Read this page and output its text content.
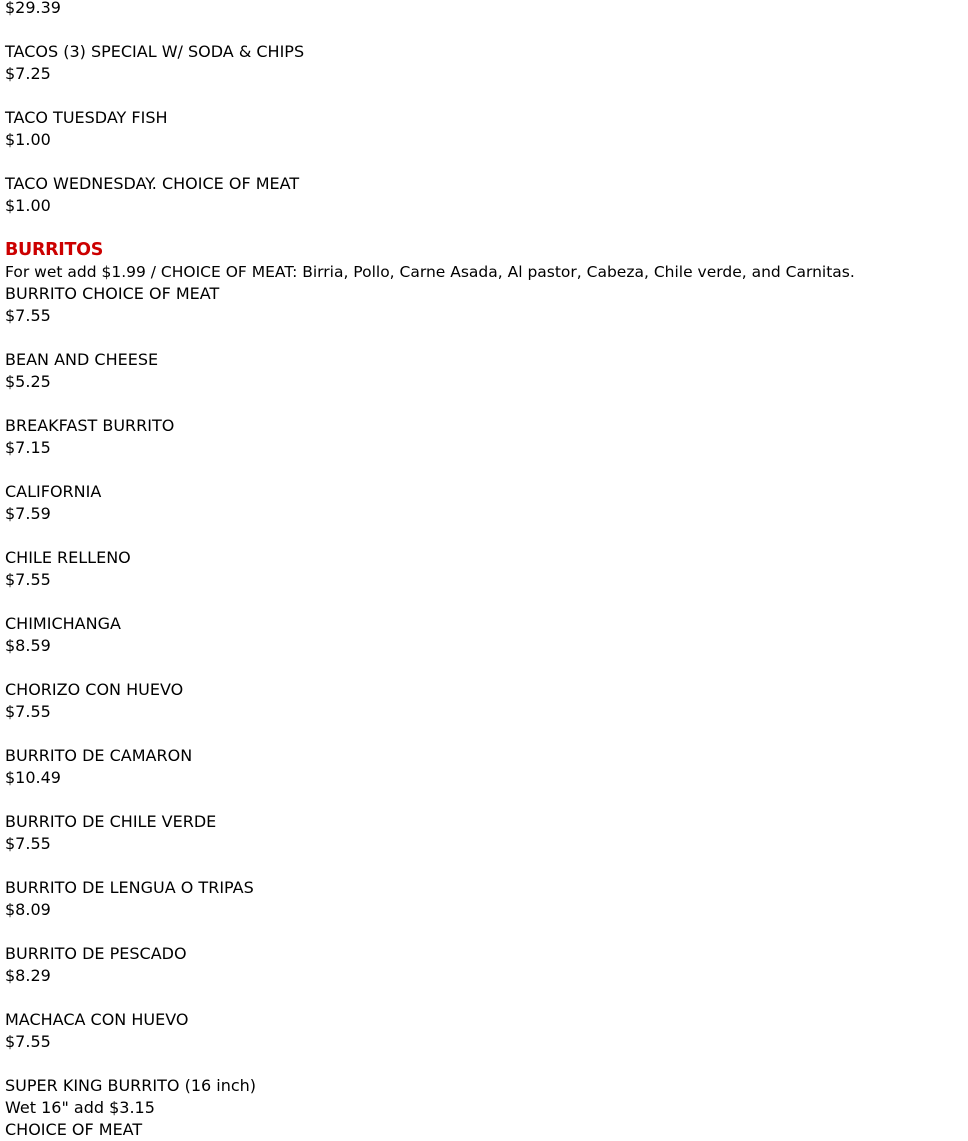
$29.39
TACOS (3) SPECIAL W/ SODA & CHIPS
$7.25
TACO TUESDAY FISH
$1.00
TACO WEDNESDAY. CHOICE OF MEAT
$1.00
BURRITOS
For wet add $1.99 / CHOICE OF MEAT: Birria, Pollo, Carne Asada, Al pastor, Cabeza, Chile verde, and Carnitas.
BURRITO CHOICE OF MEAT
$7.55
BEAN AND CHEESE
$5.25
BREAKFAST BURRITO
$7.15
CALIFORNIA
$7.59
CHILE RELLENO
$7.55
CHIMICHANGA
$8.59
CHORIZO CON HUEVO
$7.55
BURRITO DE CAMARON
$10.49
BURRITO DE CHILE VERDE
$7.55
BURRITO DE LENGUA O TRIPAS
$8.09
BURRITO DE PESCADO
$8.29
MACHACA CON HUEVO
$7.55
SUPER KING BURRITO (16 inch)
Wet 16" add $3.15
CHOICE OF MEAT
